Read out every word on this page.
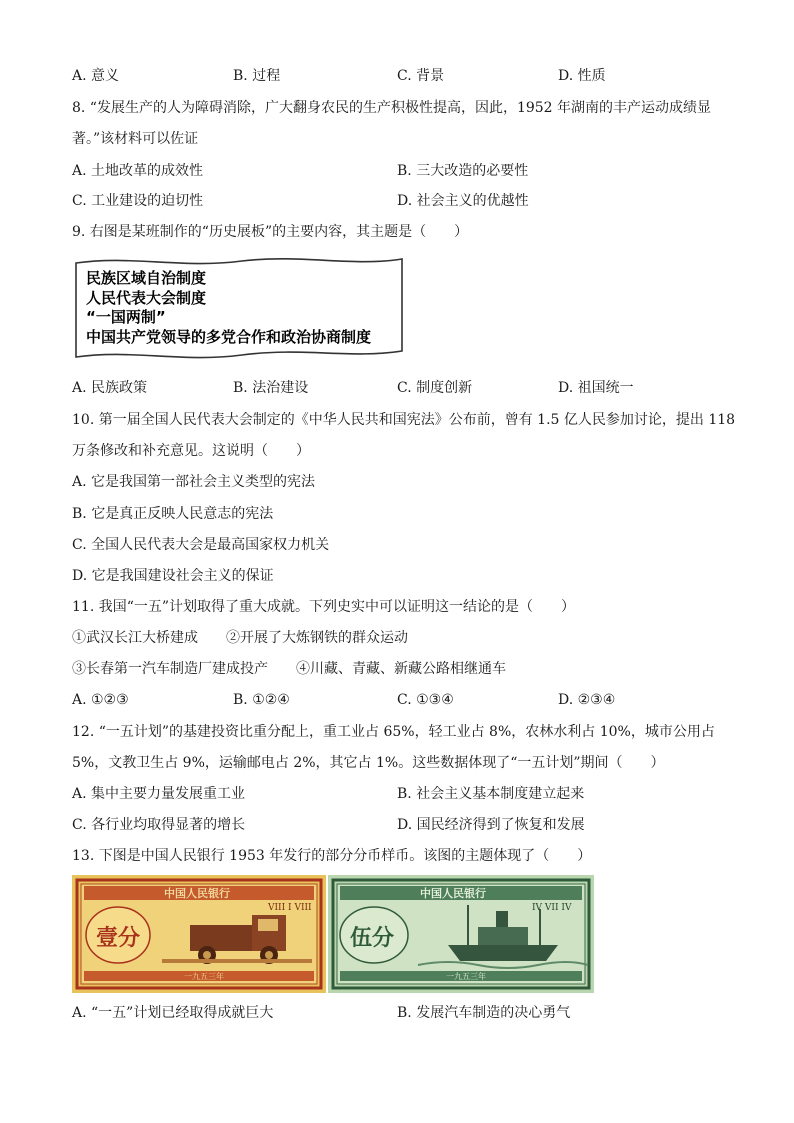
A. 意义	B. 过程	C. 背景	D. 性质
8. “发展生产的人为障碍消除，广大翻身农民的生产积极性提高，因此，1952 年湖南的丰产运动成绩显
著。”该材料可以佐证
A. 土地改革的成效性	B. 三大改造的必要性
C. 工业建设的迫切性	D. 社会主义的优越性
9. 右图是某班制作的“历史展板”的主要内容，其主题是（　　）
民族区域自治制度
人民代表大会制度
“一国两制”
中国共产党领导的多党合作和政治协商制度
A. 民族政策	B. 法治建设	C. 制度创新	D. 祖国统一
10. 第一届全国人民代表大会制定的《中华人民共和国宪法》公布前，曾有 1.5 亿人民参加讨论，提出 118
万条修改和补充意见。这说明（　　）
A. 它是我国第一部社会主义类型的宪法
B. 它是真正反映人民意志的宪法
C. 全国人民代表大会是最高国家权力机关
D. 它是我国建设社会主义的保证
11. 我国“一五”计划取得了重大成就。下列史实中可以证明这一结论的是（　　）
①武汉长江大桥建成　　②开展了大炼钢铁的群众运动
③长春第一汽车制造厂建成投产　　④川藏、青藏、新藏公路相继通车
A. ①②③	B. ①②④	C. ①③④	D. ②③④
12. “一五计划”的基建投资比重分配上，重工业占 65%，轻工业占 8%，农林水利占 10%，城市公用占
5%，文教卫生占 9%，运输邮电占 2%，其它占 1%。这些数据体现了“一五计划”期间（　　）
A. 集中主要力量发展重工业	B. 社会主义基本制度建立起来
C. 各行业均取得显著的增长	D. 国民经济得到了恢复和发展
13. 下图是中国人民银行 1953 年发行的部分分币样币。该图的主题体现了（　　）
中国人民银行
壹分
VIII I VIII
一九五三年
中国人民银行
伍分
IV VII IV
一九五三年
A. “一五”计划已经取得成就巨大	B. 发展汽车制造的决心勇气
